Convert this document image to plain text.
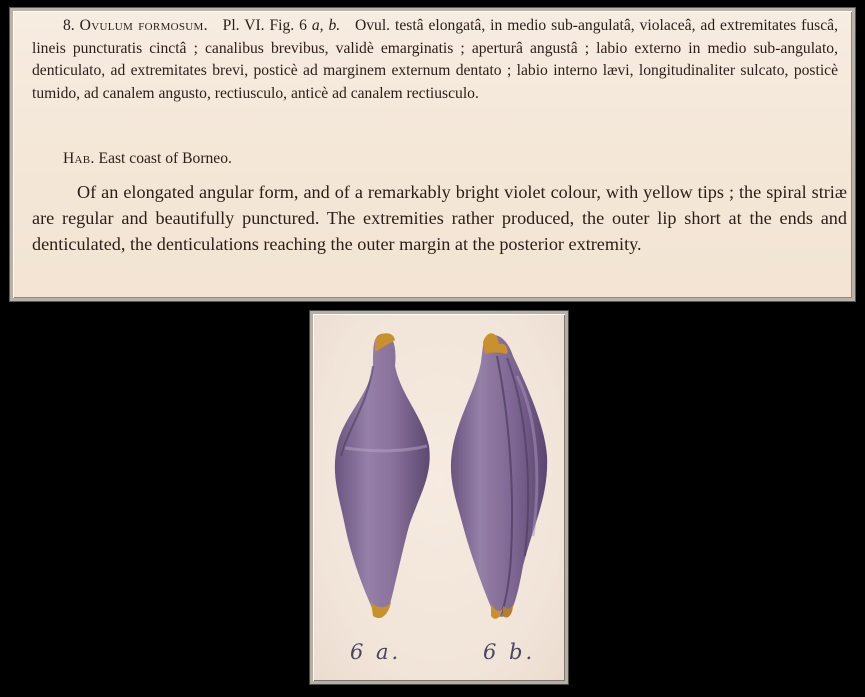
8. Ovulum formosum. Pl. VI. Fig. 6 a, b. Ovul. testâ elongatâ, in medio sub-angulatâ, violaceâ, ad extremitates fuscâ, lineis puncturatis cinctâ ; canalibus brevibus, validè emarginatis ; aperturâ angustâ ; labio externo in medio sub-angulato, denticulato, ad extremitates brevi, posticè ad marginem externum dentato ; labio interno lævi, longitudinaliter sulcato, posticè tumido, ad canalem angusto, rectiusculo, anticè ad canalem rectiusculo.
Hab. East coast of Borneo.

Of an elongated angular form, and of a remarkably bright violet colour, with yellow tips ; the spiral striæ are regular and beautifully punctured. The extremities rather produced, the outer lip short at the ends and denticulated, the denticulations reaching the outer margin at the posterior extremity.

6 a.	6 b.
